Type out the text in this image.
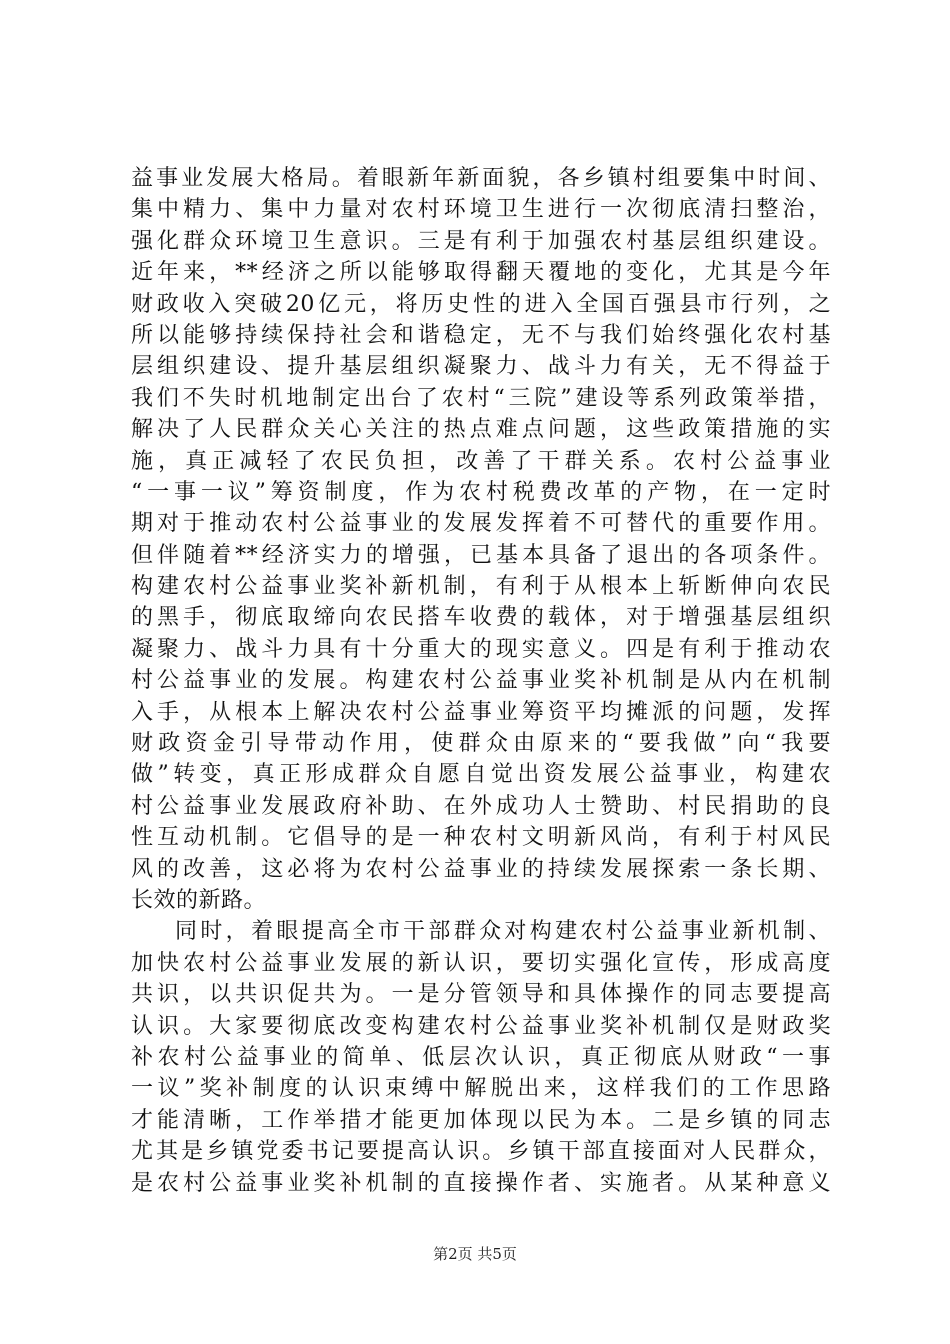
益事业发展大格局。着眼新年新面貌，各乡镇村组要集中时间、
集中精力、集中力量对农村环境卫生进行一次彻底清扫整治，
强化群众环境卫生意识。三是有利于加强农村基层组织建设。
近年来，**经济之所以能够取得翻天覆地的变化，尤其是今年
财政收入突破20亿元，将历史性的进入全国百强县市行列，之
所以能够持续保持社会和谐稳定，无不与我们始终强化农村基
层组织建设、提升基层组织凝聚力、战斗力有关，无不得益于
我们不失时机地制定出台了农村“三院”建设等系列政策举措，
解决了人民群众关心关注的热点难点问题，这些政策措施的实
施，真正减轻了农民负担，改善了干群关系。农村公益事业
“一事一议”筹资制度，作为农村税费改革的产物，在一定时
期对于推动农村公益事业的发展发挥着不可替代的重要作用。
但伴随着**经济实力的增强，已基本具备了退出的各项条件。
构建农村公益事业奖补新机制，有利于从根本上斩断伸向农民
的黑手，彻底取缔向农民搭车收费的载体，对于增强基层组织
凝聚力、战斗力具有十分重大的现实意义。四是有利于推动农
村公益事业的发展。构建农村公益事业奖补机制是从内在机制
入手，从根本上解决农村公益事业筹资平均摊派的问题，发挥
财政资金引导带动作用，使群众由原来的“要我做”向“我要
做”转变，真正形成群众自愿自觉出资发展公益事业，构建农
村公益事业发展政府补助、在外成功人士赞助、村民捐助的良
性互动机制。它倡导的是一种农村文明新风尚，有利于村风民
风的改善，这必将为农村公益事业的持续发展探索一条长期、
长效的新路。
同时，着眼提高全市干部群众对构建农村公益事业新机制、
加快农村公益事业发展的新认识，要切实强化宣传，形成高度
共识，以共识促共为。一是分管领导和具体操作的同志要提高
认识。大家要彻底改变构建农村公益事业奖补机制仅是财政奖
补农村公益事业的简单、低层次认识，真正彻底从财政“一事
一议”奖补制度的认识束缚中解脱出来，这样我们的工作思路
才能清晰，工作举措才能更加体现以民为本。二是乡镇的同志
尤其是乡镇党委书记要提高认识。乡镇干部直接面对人民群众，
是农村公益事业奖补机制的直接操作者、实施者。从某种意义
第2页 共5页
